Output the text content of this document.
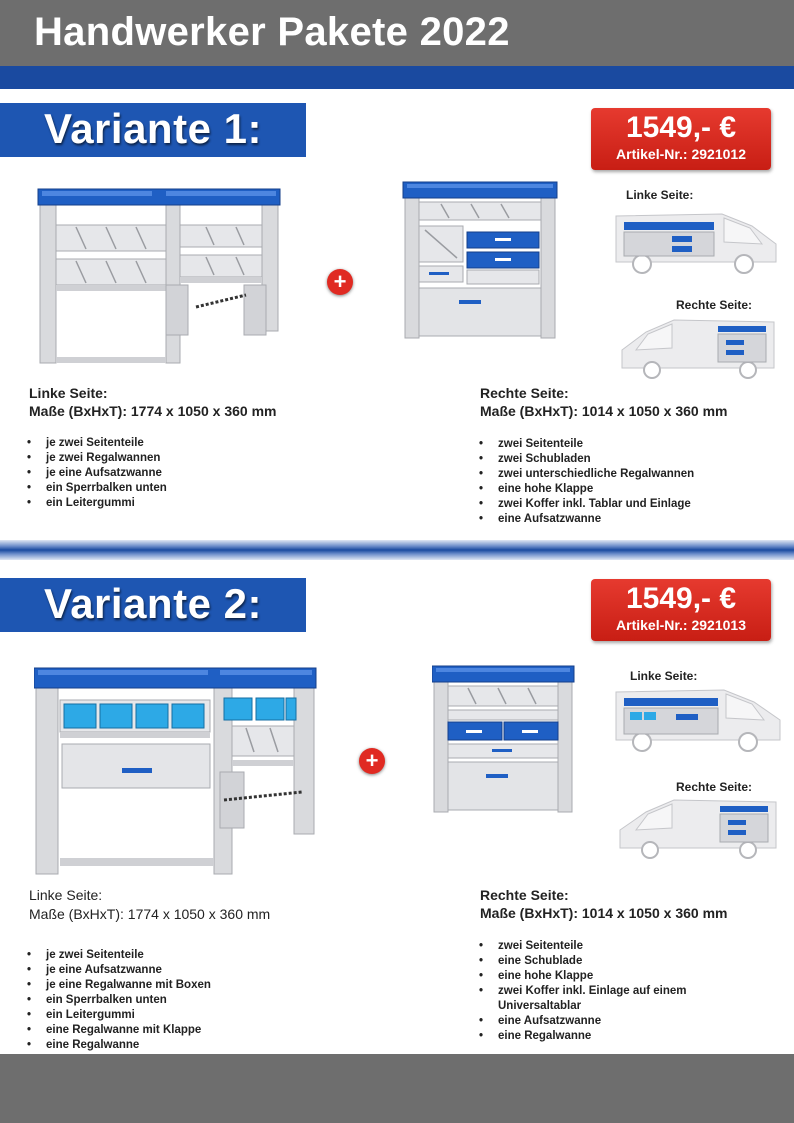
Handwerker Pakete 2022
Variante 1:	1549,- €
Artikel-Nr.: 2921012
+
Linke Seite:
Rechte Seite:
Linke Seite:
Maße (BxHxT): 1774 x 1050 x 360 mm
• je zwei Seitenteile
• je zwei Regalwannen
• je eine Aufsatzwanne
• ein Sperrbalken unten
• ein Leitergummi
Rechte Seite:
Maße (BxHxT): 1014 x 1050 x 360 mm
• zwei Seitenteile
• zwei Schubladen
• zwei unterschiedliche Regalwannen
• eine hohe Klappe
• zwei Koffer inkl. Tablar und Einlage
• eine Aufsatzwanne
Variante 2:	1549,- €
Artikel-Nr.: 2921013
+
Linke Seite:
Rechte Seite:
Linke Seite:
Maße (BxHxT): 1774 x 1050 x 360 mm
• je zwei Seitenteile
• je eine Aufsatzwanne
• je eine Regalwanne mit Boxen
• ein Sperrbalken unten
• ein Leitergummi
• eine Regalwanne mit Klappe
• eine Regalwanne
Rechte Seite:
Maße (BxHxT): 1014 x 1050 x 360 mm
• zwei Seitenteile
• eine Schublade
• eine hohe Klappe
• zwei Koffer inkl. Einlage auf einem Universaltablar
• eine Aufsatzwanne
• eine Regalwanne
